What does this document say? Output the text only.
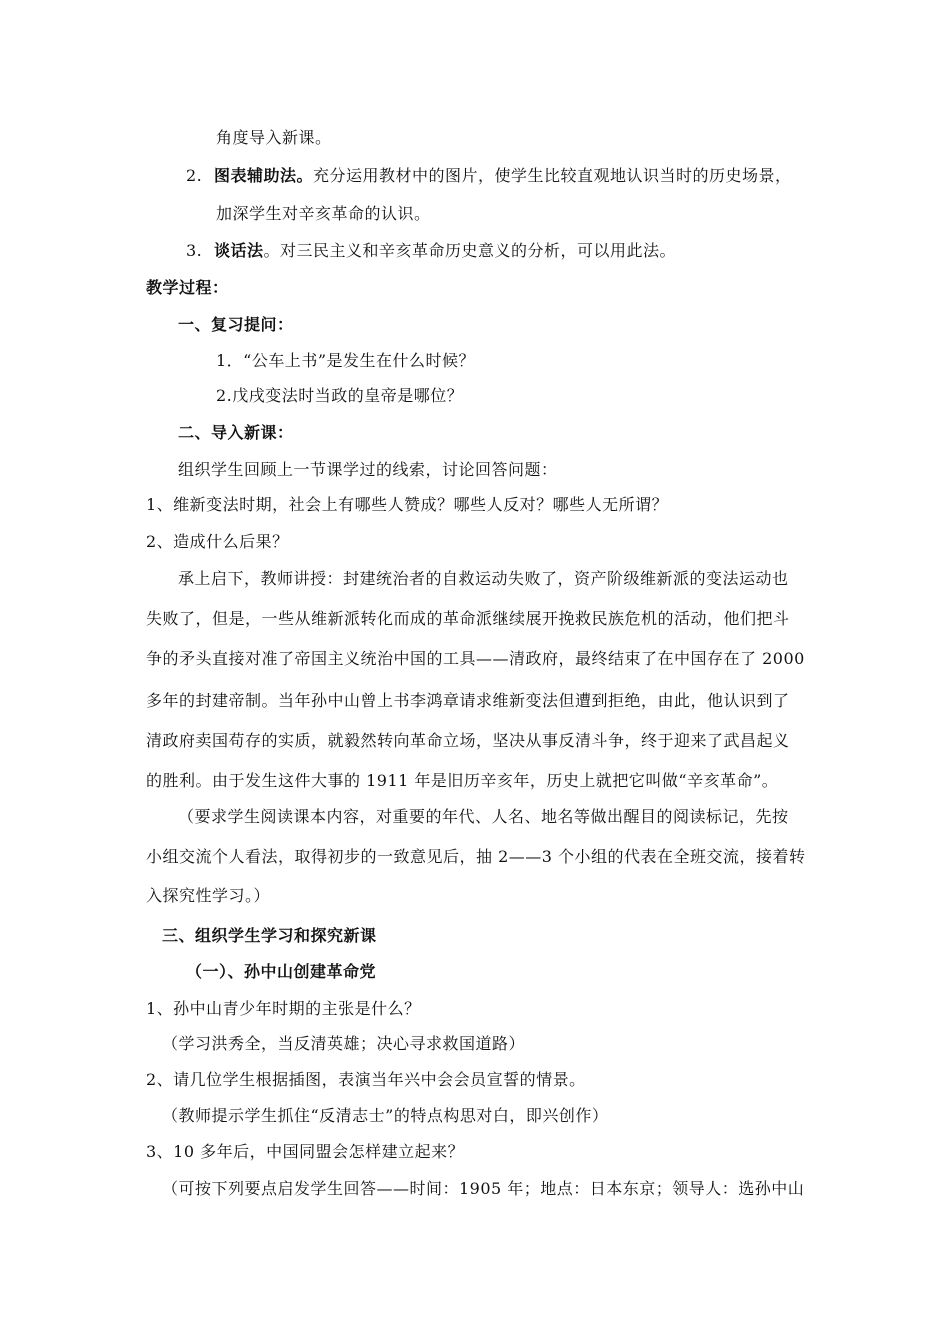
角度导入新课。
2. 图表辅助法。充分运用教材中的图片，使学生比较直观地认识当时的历史场景，
加深学生对辛亥革命的认识。
3. 谈话法。对三民主义和辛亥革命历史意义的分析，可以用此法。
教学过程：
一、复习提问：
1．“公车上书”是发生在什么时候？
2.戊戌变法时当政的皇帝是哪位？
二、导入新课：
组织学生回顾上一节课学过的线索，讨论回答问题：
1、维新变法时期，社会上有哪些人赞成？哪些人反对？哪些人无所谓？
2、造成什么后果？
承上启下，教师讲授：封建统治者的自救运动失败了，资产阶级维新派的变法运动也
失败了，但是，一些从维新派转化而成的革命派继续展开挽救民族危机的活动，他们把斗
争的矛头直接对准了帝国主义统治中国的工具——清政府，最终结束了在中国存在了 2000
多年的封建帝制。当年孙中山曾上书李鸿章请求维新变法但遭到拒绝，由此，他认识到了
清政府卖国苟存的实质，就毅然转向革命立场，坚决从事反清斗争，终于迎来了武昌起义
的胜利。由于发生这件大事的 1911 年是旧历辛亥年，历史上就把它叫做“辛亥革命”。
（要求学生阅读课本内容，对重要的年代、人名、地名等做出醒目的阅读标记，先按
小组交流个人看法，取得初步的一致意见后，抽 2——3 个小组的代表在全班交流，接着转
入探究性学习。）
三、组织学生学习和探究新课
（一）、孙中山创建革命党
1、孙中山青少年时期的主张是什么？
（学习洪秀全，当反清英雄；决心寻求救国道路）
2、请几位学生根据插图，表演当年兴中会会员宣誓的情景。
（教师提示学生抓住“反清志士”的特点构思对白，即兴创作）
3、10 多年后，中国同盟会怎样建立起来？
（可按下列要点启发学生回答——时间：1905 年；地点：日本东京；领导人：选孙中山
